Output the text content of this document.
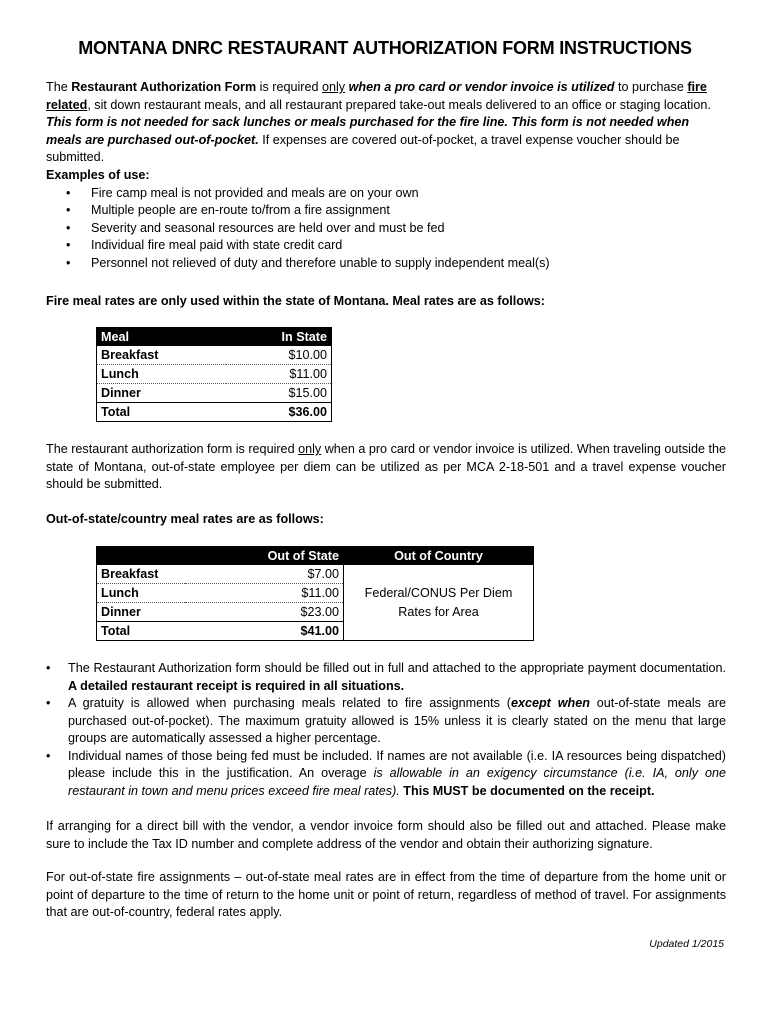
MONTANA DNRC RESTAURANT AUTHORIZATION FORM INSTRUCTIONS
The Restaurant Authorization Form is required only when a pro card or vendor invoice is utilized to purchase fire related, sit down restaurant meals, and all restaurant prepared take-out meals delivered to an office or staging location. This form is not needed for sack lunches or meals purchased for the fire line. This form is not needed when meals are purchased out-of-pocket. If expenses are covered out-of-pocket, a travel expense voucher should be submitted.
Examples of use:
• Fire camp meal is not provided and meals are on your own
• Multiple people are en-route to/from a fire assignment
• Severity and seasonal resources are held over and must be fed
• Individual fire meal paid with state credit card
• Personnel not relieved of duty and therefore unable to supply independent meal(s)
Fire meal rates are only used within the state of Montana. Meal rates are as follows:
Meal	In State
Breakfast	$10.00
Lunch	$11.00
Dinner	$15.00
Total	$36.00
The restaurant authorization form is required only when a pro card or vendor invoice is utilized. When traveling outside the state of Montana, out-of-state employee per diem can be utilized as per MCA 2-18-501 and a travel expense voucher should be submitted.
Out-of-state/country meal rates are as follows:
	Out of State	Out of Country
Breakfast	$7.00	Federal/CONUS Per Diem
Rates for Area

Lunch	$11.00	
Dinner	$23.00	
Total	$41.00	
• The Restaurant Authorization form should be filled out in full and attached to the appropriate payment documentation. A detailed restaurant receipt is required in all situations.
• A gratuity is allowed when purchasing meals related to fire assignments (except when out-of-state meals are purchased out-of-pocket). The maximum gratuity allowed is 15% unless it is clearly stated on the menu that large groups are automatically assessed a higher percentage.
• Individual names of those being fed must be included. If names are not available (i.e. IA resources being dispatched) please include this in the justification. An overage is allowable in an exigency circumstance (i.e. IA, only one restaurant in town and menu prices exceed fire meal rates). This MUST be documented on the receipt.
If arranging for a direct bill with the vendor, a vendor invoice form should also be filled out and attached. Please make sure to include the Tax ID number and complete address of the vendor and obtain their authorizing signature.
For out-of-state fire assignments – out-of-state meal rates are in effect from the time of departure from the home unit or point of departure to the time of return to the home unit or point of return, regardless of method of travel. For assignments that are out-of-country, federal rates apply.
Updated 1/2015
